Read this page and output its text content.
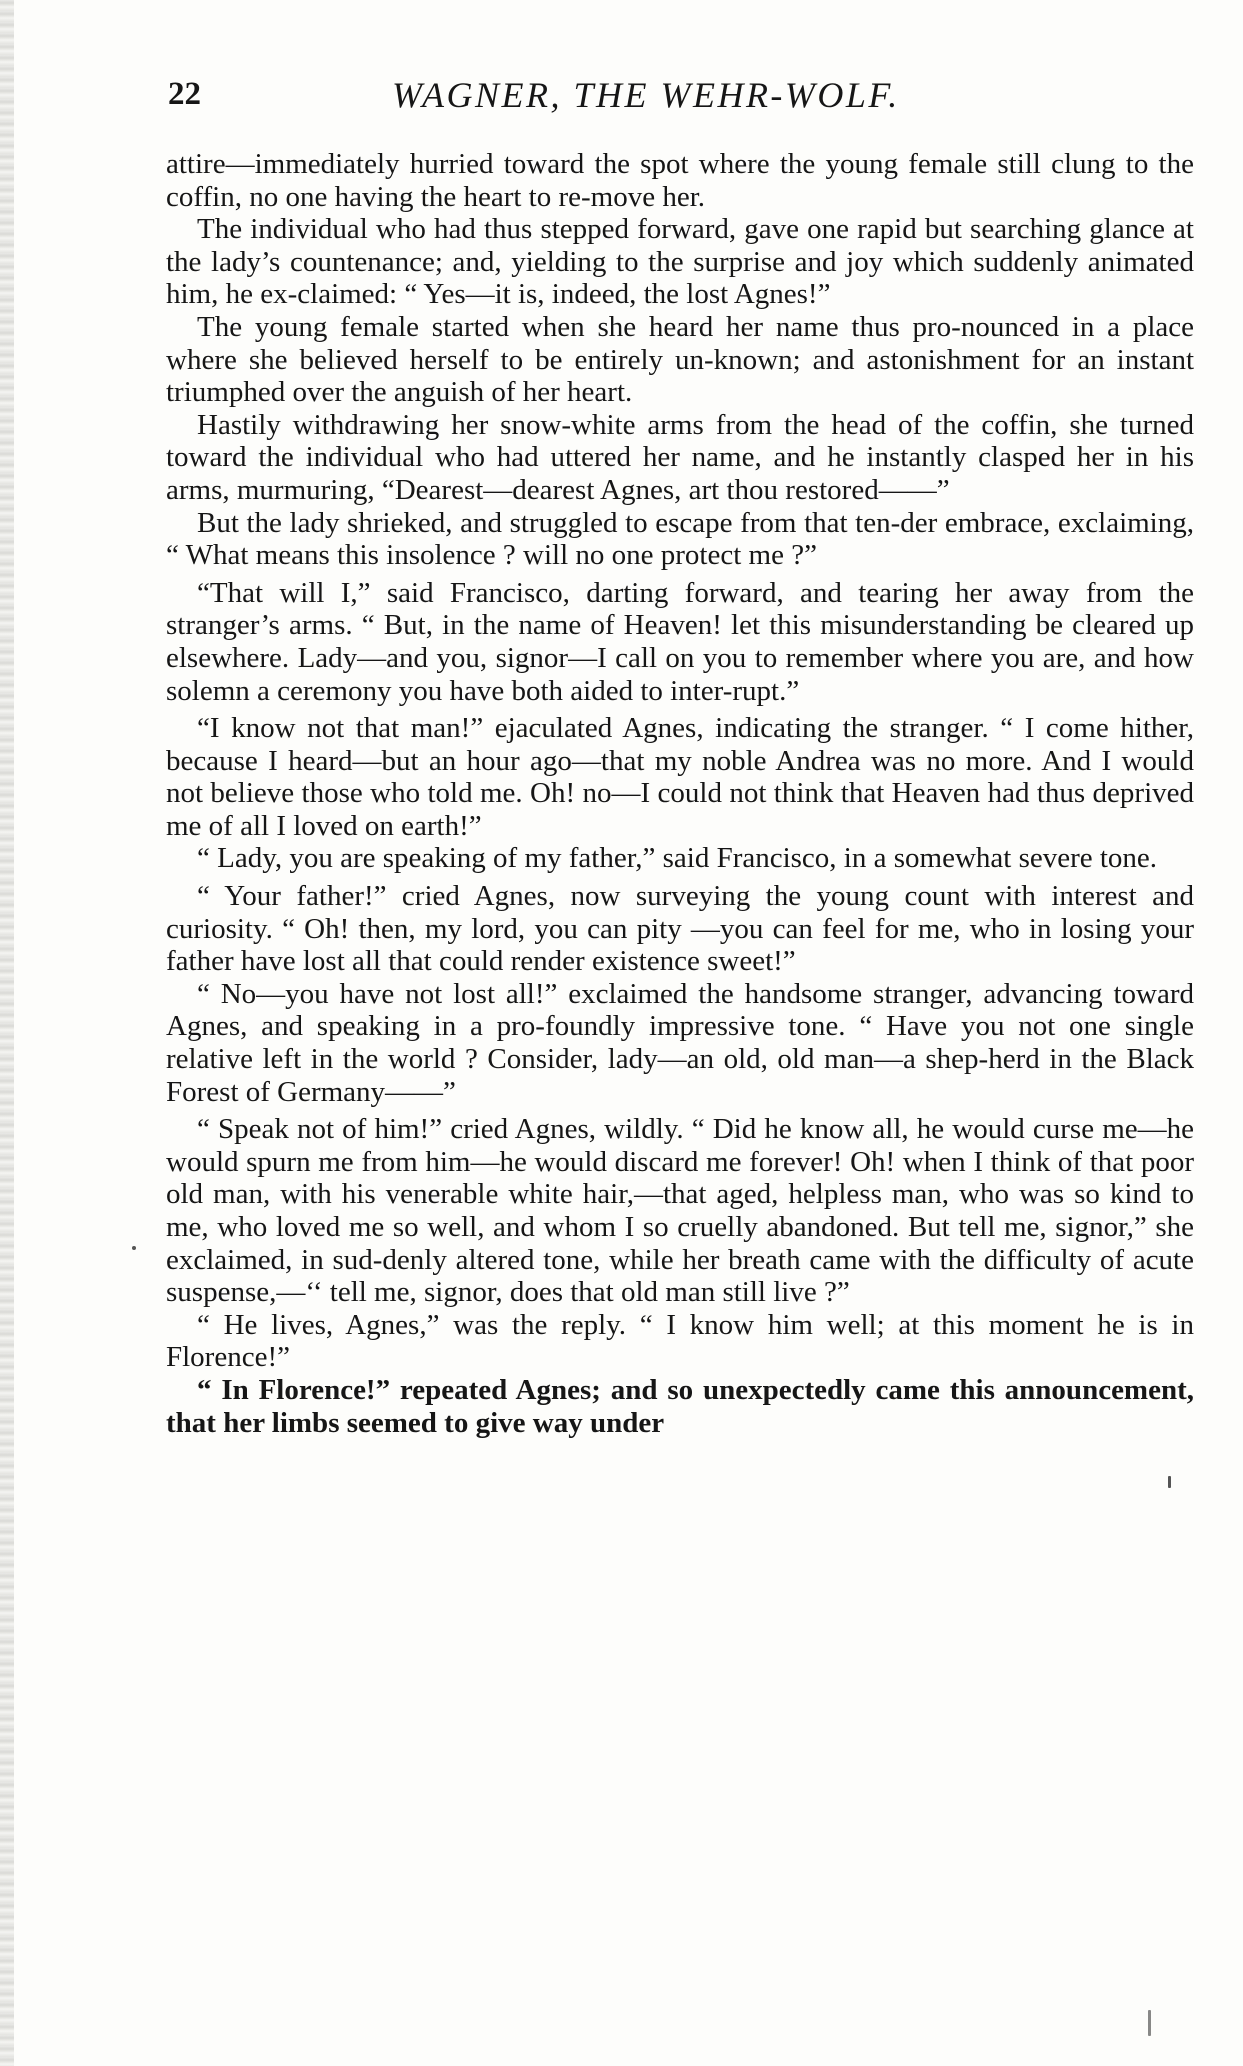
22	WAGNER, THE WEHR-WOLF.

attire—immediately hurried toward the spot where the young female still clung to the coffin, no one having the heart to re-move her.

The individual who had thus stepped forward, gave one rapid but searching glance at the lady’s countenance; and, yielding to the surprise and joy which suddenly animated him, he ex-claimed: “ Yes—it is, indeed, the lost Agnes!”

The young female started when she heard her name thus pro-nounced in a place where she believed herself to be entirely un-known; and astonishment for an instant triumphed over the anguish of her heart.

Hastily withdrawing her snow-white arms from the head of the coffin, she turned toward the individual who had uttered her name, and he instantly clasped her in his arms, murmuring, “Dearest—dearest Agnes, art thou restored——”

But the lady shrieked, and struggled to escape from that ten-der embrace, exclaiming, “ What means this insolence ? will no one protect me ?”

“That will I,” said Francisco, darting forward, and tearing her away from the stranger’s arms. “ But, in the name of Heaven! let this misunderstanding be cleared up elsewhere. Lady—and you, signor—I call on you to remember where you are, and how solemn a ceremony you have both aided to inter-rupt.”

“I know not that man!” ejaculated Agnes, indicating the stranger. “ I come hither, because I heard—but an hour ago—that my noble Andrea was no more. And I would not believe those who told me. Oh! no—I could not think that Heaven had thus deprived me of all I loved on earth!”

“ Lady, you are speaking of my father,” said Francisco, in a somewhat severe tone.

“ Your father!” cried Agnes, now surveying the young count with interest and curiosity. “ Oh! then, my lord, you can pity —you can feel for me, who in losing your father have lost all that could render existence sweet!”

“ No—you have not lost all!” exclaimed the handsome stranger, advancing toward Agnes, and speaking in a pro-foundly impressive tone. “ Have you not one single relative left in the world ? Consider, lady—an old, old man—a shep-herd in the Black Forest of Germany——”

“ Speak not of him!” cried Agnes, wildly. “ Did he know all, he would curse me—he would spurn me from him—he would discard me forever! Oh! when I think of that poor old man, with his venerable white hair,—that aged, helpless man, who was so kind to me, who loved me so well, and whom I so cruelly abandoned. But tell me, signor,” she exclaimed, in sud-denly altered tone, while her breath came with the difficulty of acute suspense,—‘‘ tell me, signor, does that old man still live ?”

“ He lives, Agnes,” was the reply. “ I know him well; at this moment he is in Florence!”

“ In Florence!” repeated Agnes; and so unexpectedly came this announcement, that her limbs seemed to give way under
